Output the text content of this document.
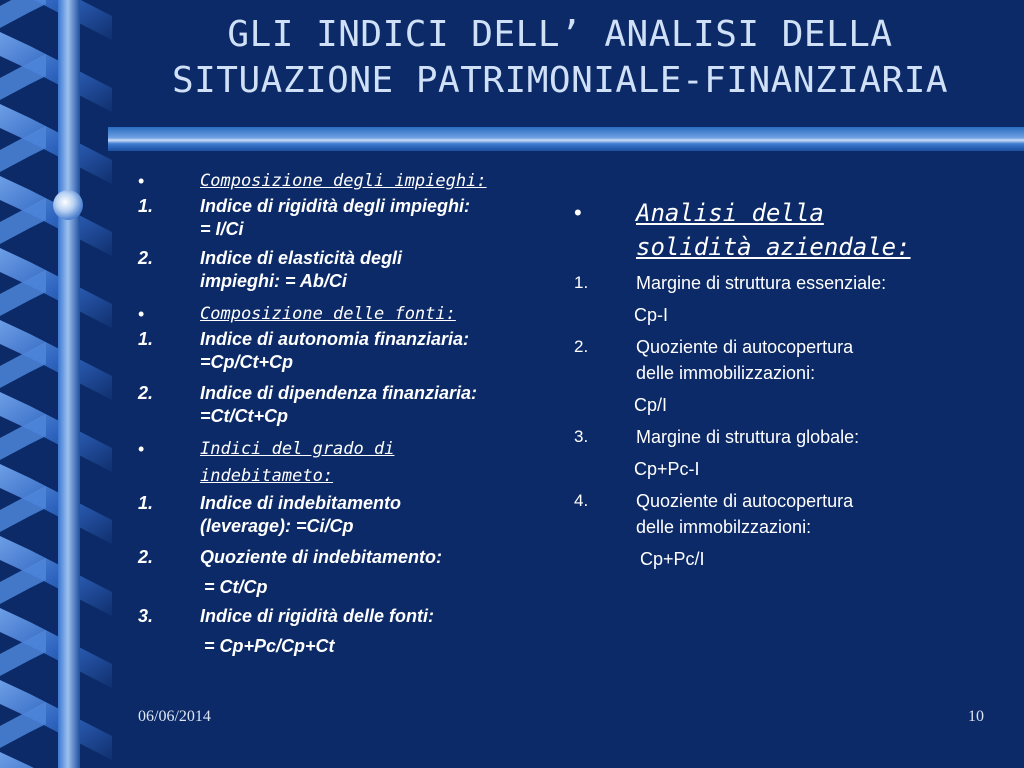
GLI INDICI DELL’ ANALISI DELLA
SITUAZIONE PATRIMONIALE-FINANZIARIA
•	Composizione degli impieghi:
1.	Indice di rigidità degli impieghi:
= I/Ci
2.	Indice di elasticità degli
impieghi: = Ab/Ci
•	Composizione delle fonti:
1.	Indice di autonomia finanziaria:
=Cp/Ct+Cp
2.	Indice di dipendenza finanziaria:
=Ct/Ct+Cp
•	Indici del grado di
indebitameto:
1.	Indice di indebitamento
(leverage): =Ci/Cp
2.	Quoziente di indebitamento:
= Ct/Cp
3.	Indice di rigidità delle fonti:
= Cp+Pc/Cp+Ct
•	Analisi della
solidità aziendale:
1.	Margine di struttura essenziale:
Cp-I
2.	Quoziente di autocopertura
delle immobilizzazioni:
Cp/I
3.	Margine di struttura globale:
Cp+Pc-I
4.	Quoziente di autocopertura
delle immobilzzazioni:
Cp+Pc/I
06/06/2014	10
